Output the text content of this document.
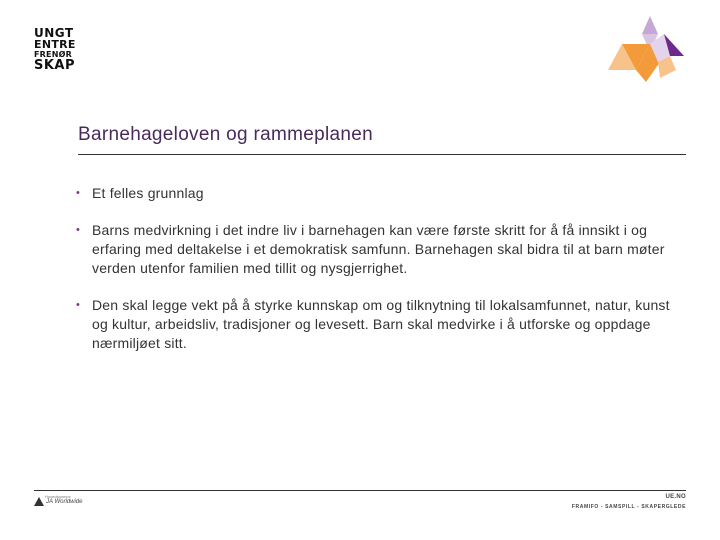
UNGT
ENTRE
FRENØR
SKAP
Barnehageloven og rammeplanen
• Et felles grunnlag
• Barns medvirkning i det indre liv i barnehagen kan være første skritt for å få innsikt i og erfaring med deltakelse i et demokratisk samfunn. Barnehagen skal bidra til at barn møter verden utenfor familien med tillit og nysgjerrighet.
• Den skal legge vekt på å styrke kunnskap om og tilknytning til lokalsamfunnet, natur, kunst og kultur, arbeidsliv, tradisjoner og levesett. Barn skal medvirke i å utforske og oppdage nærmiljøet sitt.
Hovedsponsor
JA Worldwide
UE.NO
FRAMIFO - SAMSPILL - SKAPERGLEDE
